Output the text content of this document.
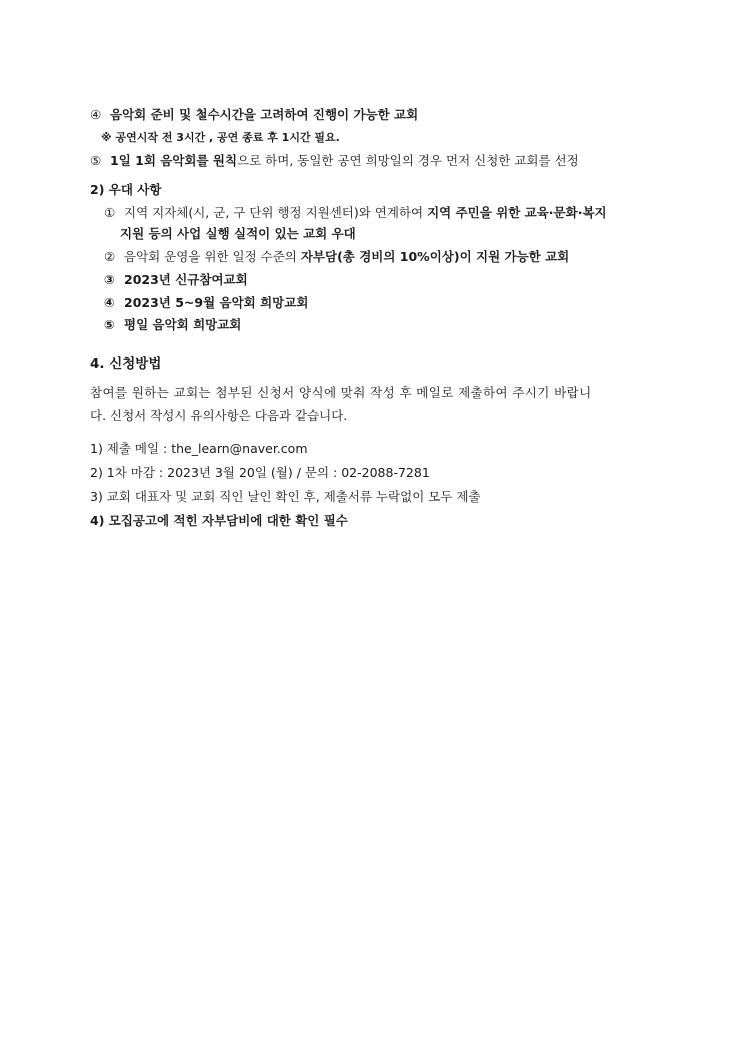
④ 음악회 준비 및 철수시간을 고려하여 진행이 가능한 교회
※ 공연시작 전 3시간 , 공연 종료 후 1시간 필요.
⑤ 1일 1회 음악회를 원칙으로 하며, 동일한 공연 희망일의 경우 먼저 신청한 교회를 선정
2) 우대 사항
① 지역 지자체(시, 군, 구 단위 행정 지원센터)와 연계하여 지역 주민을 위한 교육·문화·복지
지원 등의 사업 실행 실적이 있는 교회 우대
② 음악회 운영을 위한 일정 수준의 자부담(총 경비의 10%이상)이 지원 가능한 교회
③ 2023년 신규참여교회
④ 2023년 5~9월 음악회 희망교회
⑤ 평일 음악회 희망교회
4. 신청방법
참여를 원하는 교회는 첨부된 신청서 양식에 맞춰 작성 후 메일로 제출하여 주시기 바랍니
다. 신청서 작성시 유의사항은 다음과 같습니다.
1) 제출 메일 : the_learn@naver.com
2) 1차 마감 : 2023년 3월 20일 (월) / 문의 : 02-2088-7281
3) 교회 대표자 및 교회 직인 날인 확인 후, 제출서류 누락없이 모두 제출
4) 모집공고에 적힌 자부담비에 대한 확인 필수
